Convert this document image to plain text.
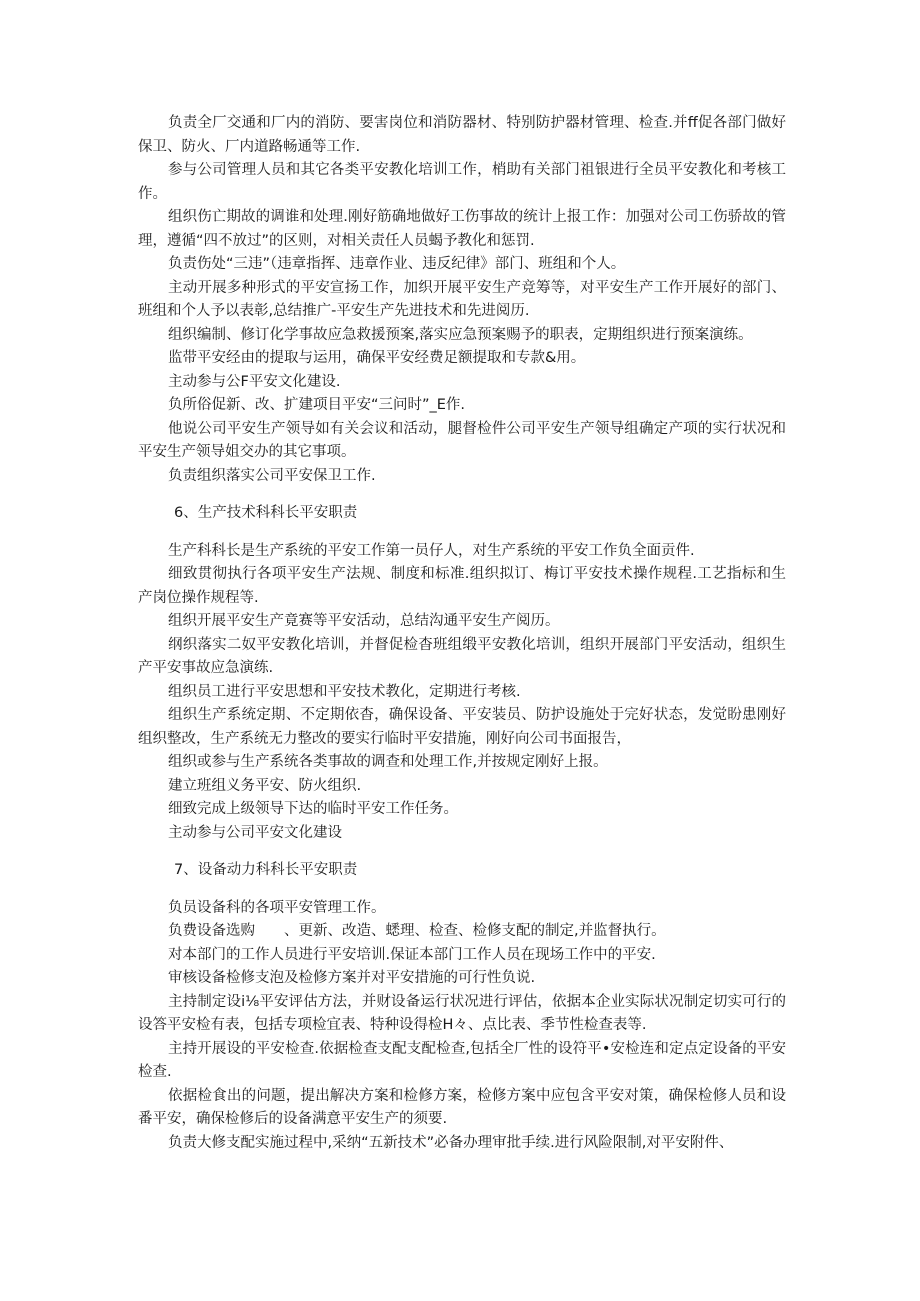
负责全厂交通和厂内的消防、要害岗位和消防器材、特别防护器材管理、检查.并ff促各部门做好保卫、防火、厂内道路畅通等工作.

参与公司管理人员和其它各类平安教化培训工作，梢助有关部门祖银进行全员平安教化和考核工作。

组织伤亡期故的调谁和处理.刚好筋确地做好工伤事故的统计上报工作：加强对公司工伤骄故的管理，遵循“四不放过”的区则，对相关责任人员蝎予教化和惩罚.

负责伤处“三违”（违章指挥、违章作业、违反纪律》部门、班组和个人。

主动开展多种形式的平安宣扬工作，加织开展平安生产竞筹等，对平安生产工作开展好的部门、班组和个人予以表彰,总结推广-平安生产先进技术和先进阅历.

组织编制、修订化学事故应急救援预案,落实应急预案赐予的职表，定期组织进行预案演练。

监带平安经由的提取与运用，确保平安经费足额提取和专款&用。

主动参与公F平安文化建设.

负所俗促新、改、扩建项目平安“三问时”_E作.

他说公司平安生产领导如有关会议和活动，腿督检件公司平安生产领导组确定产项的实行状况和平安生产领导姐交办的其它事项。

负责组织落实公司平安保卫工作.

6、生产技术科科长平安职责

生产科科长是生产系统的平安工作第一员仔人，对生产系统的平安工作负全面贡件.

细致贯彻执行各项平安生产法规、制度和标准.组织拟订、梅订平安技术操作规程.工艺指标和生产岗位操作规程等.

组织开展平安生产竟赛等平安活动，总结沟通平安生产阅历。

纲织落实二奴平安教化培训，并督促检杳班组缎平安教化培训，组织开展部门平安活动，组织生产平安事故应急演练.

组织员工进行平安思想和平安技术教化，定期进行考核.

组织生产系统定期、不定期依杳，确保设备、平安装员、防护设施处于完好状态，发觉盼患刚好组织整改，生产系统无力整改的要实行临时平安措施，刚好向公司书面报告，

组织或参与生产系统各类事故的调查和处理工作,并按规定刚好上报。

建立班组义务平安、防火组织.

细致完成上级领导下达的临时平安工作任务。

主动参与公司平安文化建设

7、设备动力科科长平安职责

负员设备科的各项平安管理工作。

负费设备选购　　、更新、改造、蟋理、检查、检修支配的制定,并监督执行。

对本部门的工作人员进行平安培训.保证本部门工作人员在现场工作中的平安.

审核设备检修支泡及检修方案并对平安措施的可行性负说.

主持制定设i⅛平安评估方法，并财设备运行状况进行评估，依据本企业实际状况制定切实可行的设答平安检有表，包括专项检宜表、特种设得检H々、点比表、季节性检查表等.

主持开展设的平安检查.依据检查支配支配检查,包括全厂性的设符平•安检连和定点定设备的平安检查.

依据检食出的问题，提出解决方案和检修方案，检修方案中应包含平安对策，确保检修人员和设番平安，确保检修后的设备满意平安生产的须要.

负责大修支配实施过程中,采纳“五新技术”必备办理审批手续.进行风险限制,对平安附件、
